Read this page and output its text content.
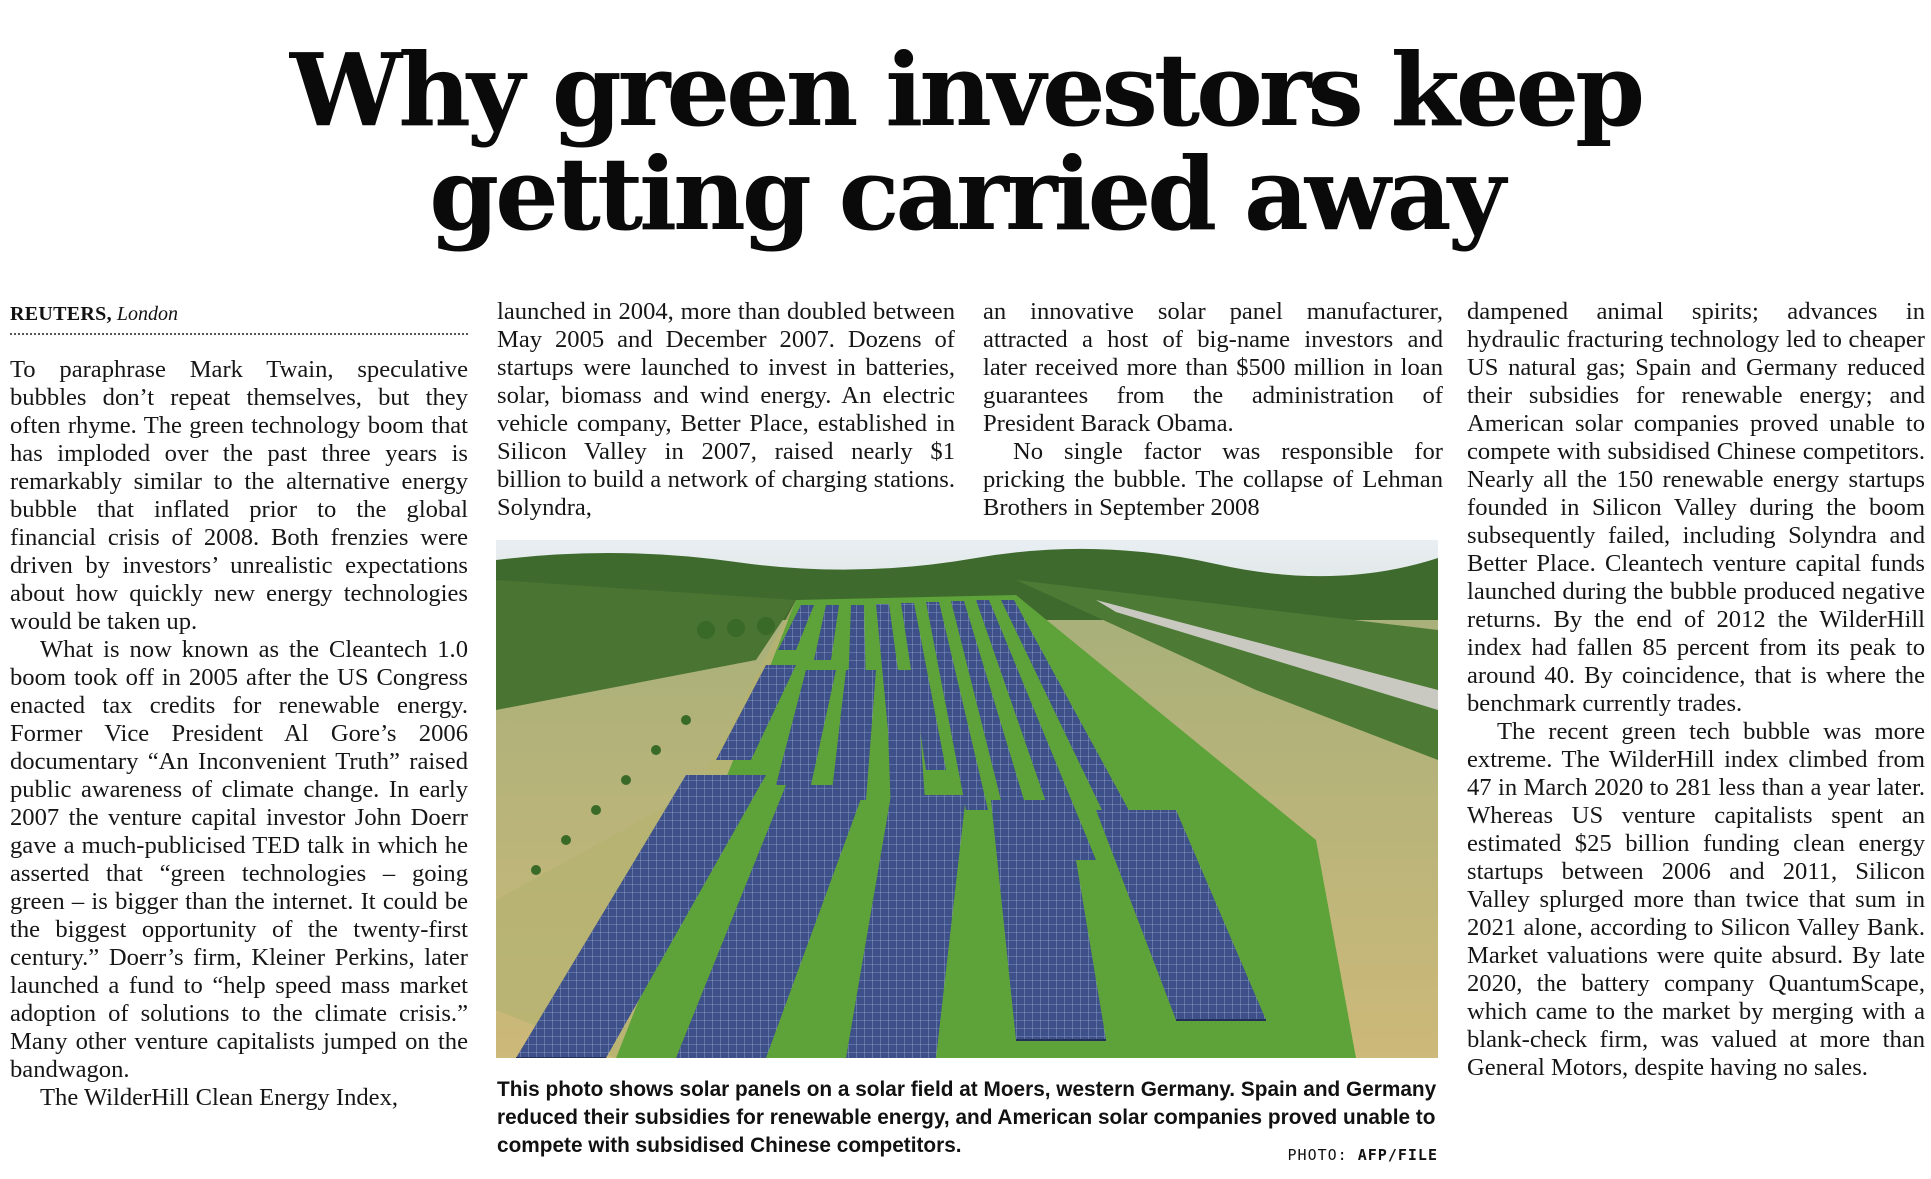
Why green investors keep
getting carried away
REUTERS, London

To paraphrase Mark Twain, speculative bubbles don’t repeat themselves, but they often rhyme. The green technology boom that has imploded over the past three years is remarkably similar to the alternative energy bubble that inflated prior to the global financial crisis of 2008. Both frenzies were driven by investors’ unrealistic expectations about how quickly new energy technologies would be taken up.

What is now known as the Cleantech 1.0 boom took off in 2005 after the US Congress enacted tax credits for renewable energy. Former Vice President Al Gore’s 2006 documentary “An Inconvenient Truth” raised public awareness of climate change. In early 2007 the venture capital investor John Doerr gave a much-publicised TED talk in which he asserted that “green technologies – going green – is bigger than the internet. It could be the biggest opportunity of the twenty-first century.” Doerr’s firm, Kleiner Perkins, later launched a fund to “help speed mass market adoption of solutions to the climate crisis.” Many other venture capitalists jumped on the bandwagon.

The WilderHill Clean Energy Index,

launched in 2004, more than doubled between May 2005 and December 2007. Dozens of startups were launched to invest in batteries, solar, biomass and wind energy. An electric vehicle company, Better Place, established in Silicon Valley in 2007, raised nearly $1 billion to build a network of charging stations. Solyndra,

an innovative solar panel manufacturer, attracted a host of big-name investors and later received more than $500 million in loan guarantees from the administration of President Barack Obama.

No single factor was responsible for pricking the bubble. The collapse of Lehman Brothers in September 2008

dampened animal spirits; advances in hydraulic fracturing technology led to cheaper US natural gas; Spain and Germany reduced their subsidies for renewable energy; and American solar companies proved unable to compete with subsidised Chinese competitors. Nearly all the 150 renewable energy startups founded in Silicon Valley during the boom subsequently failed, including Solyndra and Better Place. Cleantech venture capital funds launched during the bubble produced negative returns. By the end of 2012 the WilderHill index had fallen 85 percent from its peak to around 40. By coincidence, that is where the benchmark currently trades.

The recent green tech bubble was more extreme. The WilderHill index climbed from 47 in March 2020 to 281 less than a year later. Whereas US venture capitalists spent an estimated $25 billion funding clean energy startups between 2006 and 2011, Silicon Valley splurged more than twice that sum in 2021 alone, according to Silicon Valley Bank. Market valuations were quite absurd. By late 2020, the battery company QuantumScape, which came to the market by merging with a blank-check firm, was valued at more than General Motors, despite having no sales.

This photo shows solar panels on a solar field at Moers, western Germany. Spain and Germany reduced their subsidies for renewable energy, and American solar companies proved unable to compete with subsidised Chinese competitors.	PHOTO: AFP/FILE
